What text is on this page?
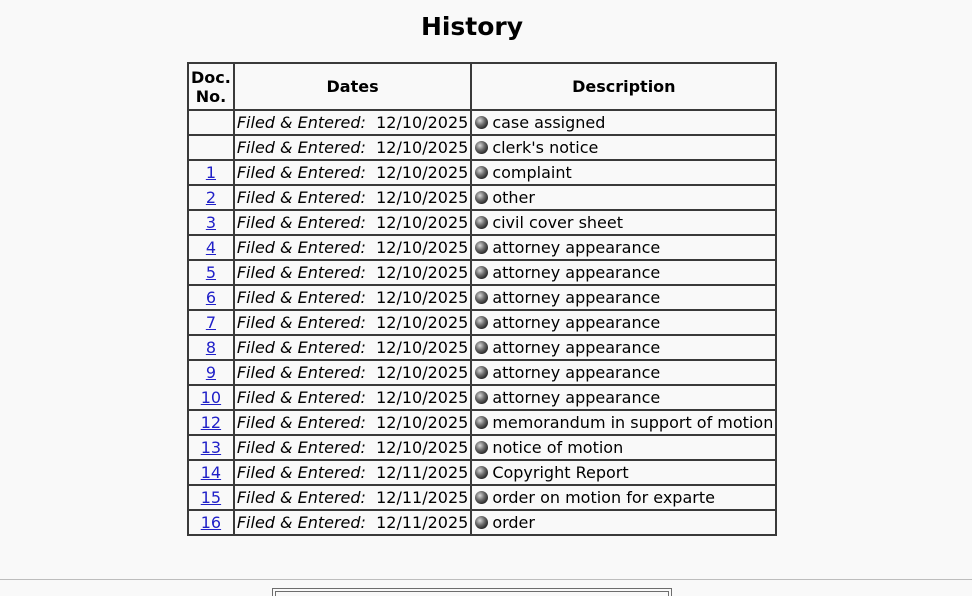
History
Doc.
No.	Dates	Description
	Filed & Entered: 12/10/2025	case assigned
	Filed & Entered: 12/10/2025	clerk's notice
1	Filed & Entered: 12/10/2025	complaint
2	Filed & Entered: 12/10/2025	other
3	Filed & Entered: 12/10/2025	civil cover sheet
4	Filed & Entered: 12/10/2025	attorney appearance
5	Filed & Entered: 12/10/2025	attorney appearance
6	Filed & Entered: 12/10/2025	attorney appearance
7	Filed & Entered: 12/10/2025	attorney appearance
8	Filed & Entered: 12/10/2025	attorney appearance
9	Filed & Entered: 12/10/2025	attorney appearance
10	Filed & Entered: 12/10/2025	attorney appearance
12	Filed & Entered: 12/10/2025	memorandum in support of motion
13	Filed & Entered: 12/10/2025	notice of motion
14	Filed & Entered: 12/11/2025	Copyright Report
15	Filed & Entered: 12/11/2025	order on motion for exparte
16	Filed & Entered: 12/11/2025	order
